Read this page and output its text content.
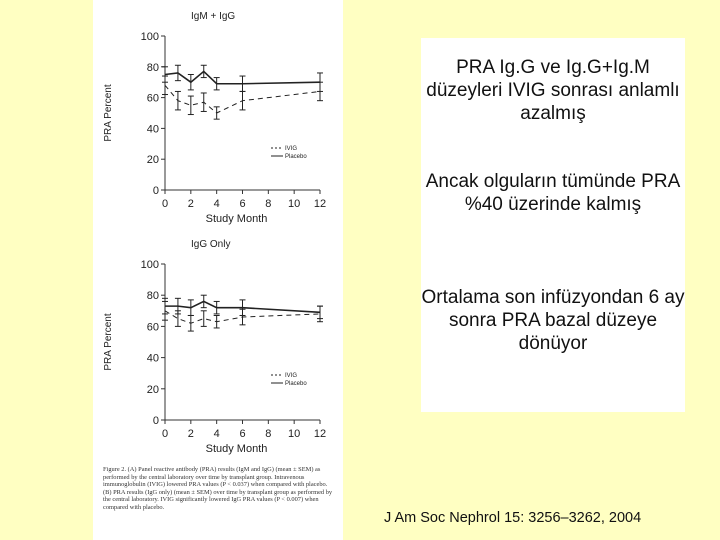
IgM + IgG
0
20
40
60
80
100
0 2 4 6 8 10 12
PRA Percent
Study Month
IVIG
Placebo
IgG Only
0
20
40
60
80
100
0 2 4 6 8 10 12
PRA Percent
Study Month
IVIG
Placebo

Figure 2. (A) Panel reactive antibody (PRA) results (IgM and IgG) (mean ± SEM) as performed by the central laboratory over time by transplant group. Intravenous immunoglobulin (IVIG) lowered PRA values (P < 0.037) when compared with placebo. (B) PRA results (IgG only) (mean ± SEM) over time by transplant group as performed by the central laboratory. IVIG significantly lowered IgG PRA values (P < 0.007) when compared with placebo.

PRA Ig.G ve Ig.G+Ig.M düzeyleri IVIG sonrası anlamlı azalmış

Ancak olguların tümünde PRA %40 üzerinde kalmış

Ortalama son infüzyondan 6 ay sonra PRA bazal düzeye dönüyor

J Am Soc Nephrol 15: 3256–3262, 2004
